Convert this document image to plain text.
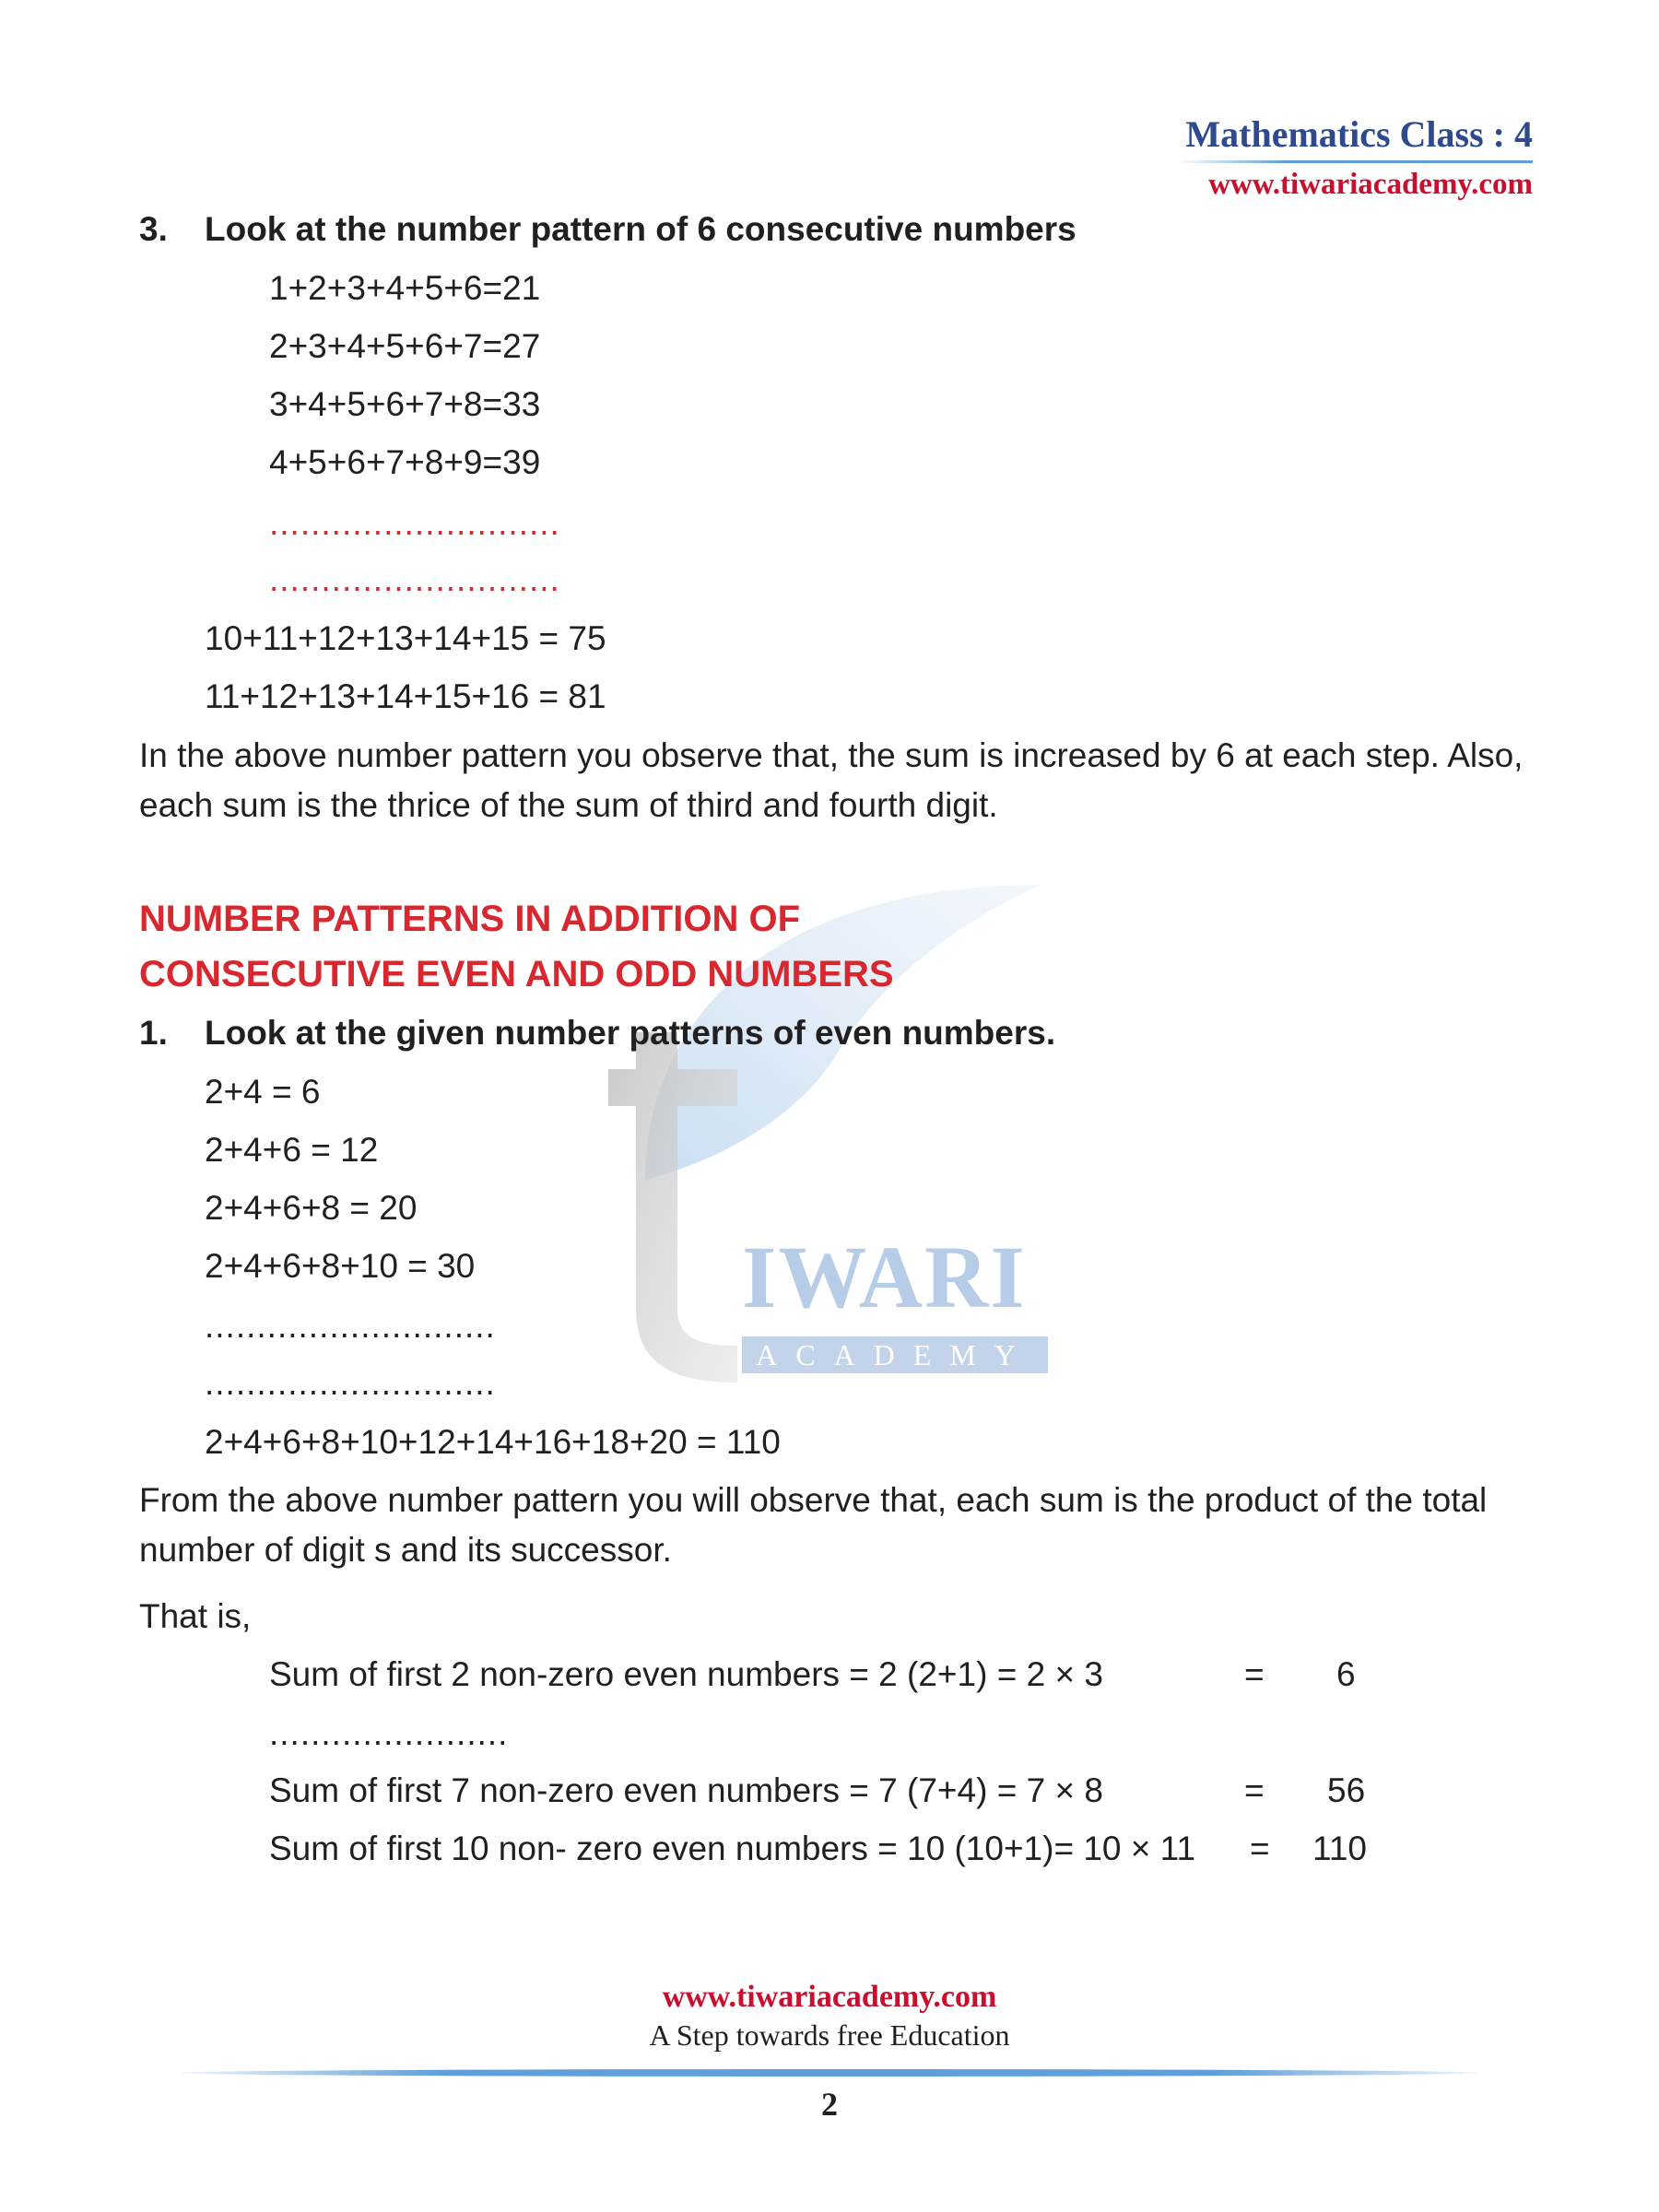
IWARI
ACADEMY
Mathematics Class : 4
www.tiwariacademy.com
3. Look at the number pattern of 6 consecutive numbers
1+2+3+4+5+6=21
2+3+4+5+6+7=27
3+4+5+6+7+8=33
4+5+6+7+8+9=39
............................
............................
10+11+12+13+14+15 = 75
11+12+13+14+15+16 = 81
In the above number pattern you observe that, the sum is increased by 6 at each step. Also, each sum is the thrice of the sum of third and fourth digit.
NUMBER PATTERNS IN ADDITION OF
CONSECUTIVE EVEN AND ODD NUMBERS
1. Look at the given number patterns of even numbers.
2+4 = 6
2+4+6 = 12
2+4+6+8 = 20
2+4+6+8+10 = 30
............................
............................
2+4+6+8+10+12+14+16+18+20 = 110
From the above number pattern you will observe that, each sum is the product of the total number of digit s and its successor.
That is,
Sum of first 2 non-zero even numbers = 2 (2+1) = 2 × 3	= 6
.......................
Sum of first 7 non-zero even numbers = 7 (7+4) = 7 × 8	= 56
Sum of first 10 non- zero even numbers = 10 (10+1)= 10 × 11 = 110
www.tiwariacademy.com
A Step towards free Education
2
